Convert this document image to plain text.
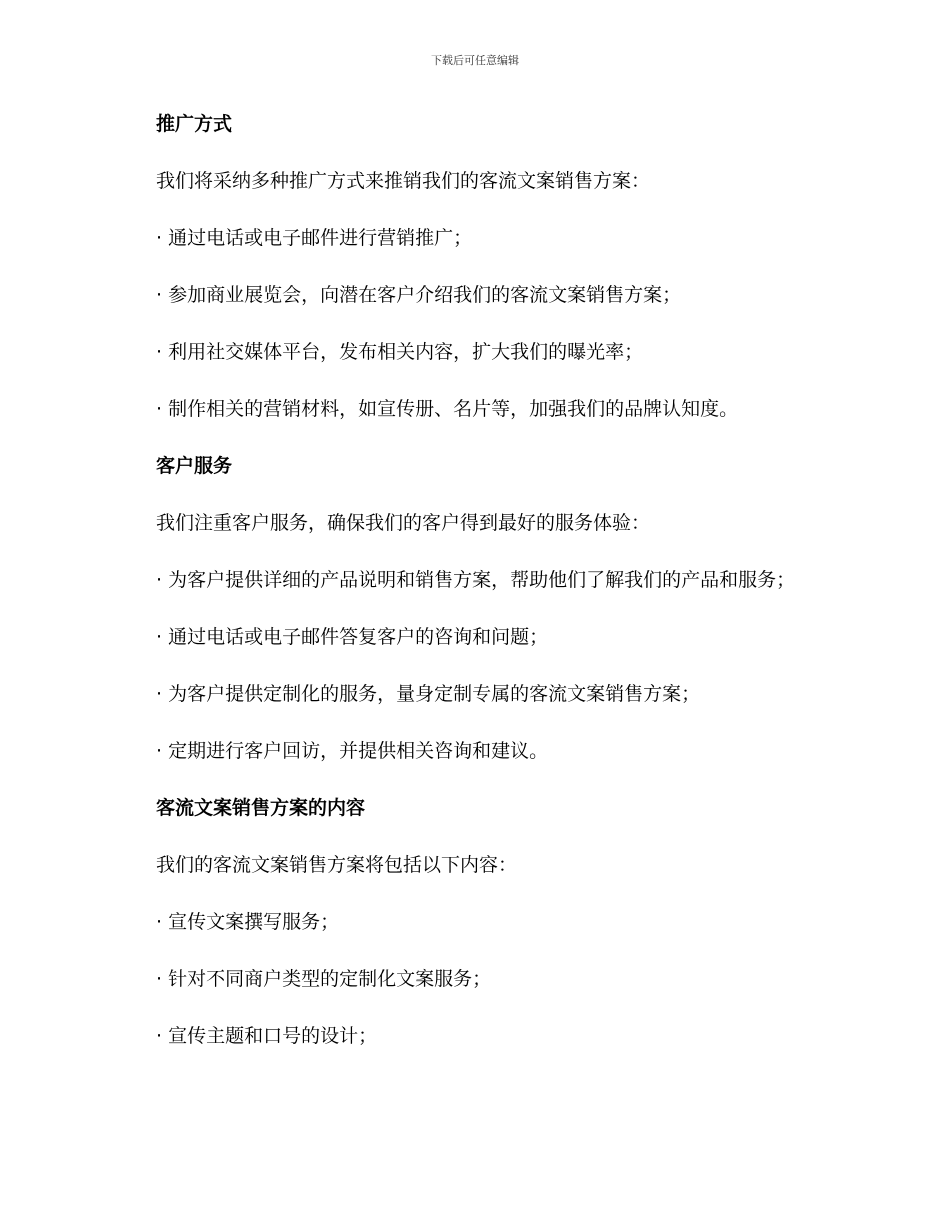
下载后可任意编辑

推广方式

我们将采纳多种推广方式来推销我们的客流文案销售方案：

· 通过电话或电子邮件进行营销推广；

· 参加商业展览会，向潜在客户介绍我们的客流文案销售方案；

· 利用社交媒体平台，发布相关内容，扩大我们的曝光率；

· 制作相关的营销材料，如宣传册、名片等，加强我们的品牌认知度。

客户服务

我们注重客户服务，确保我们的客户得到最好的服务体验：

· 为客户提供详细的产品说明和销售方案，帮助他们了解我们的产品和服务；

· 通过电话或电子邮件答复客户的咨询和问题；

· 为客户提供定制化的服务，量身定制专属的客流文案销售方案；

· 定期进行客户回访，并提供相关咨询和建议。

客流文案销售方案的内容

我们的客流文案销售方案将包括以下内容：

· 宣传文案撰写服务；

· 针对不同商户类型的定制化文案服务；

· 宣传主题和口号的设计；
